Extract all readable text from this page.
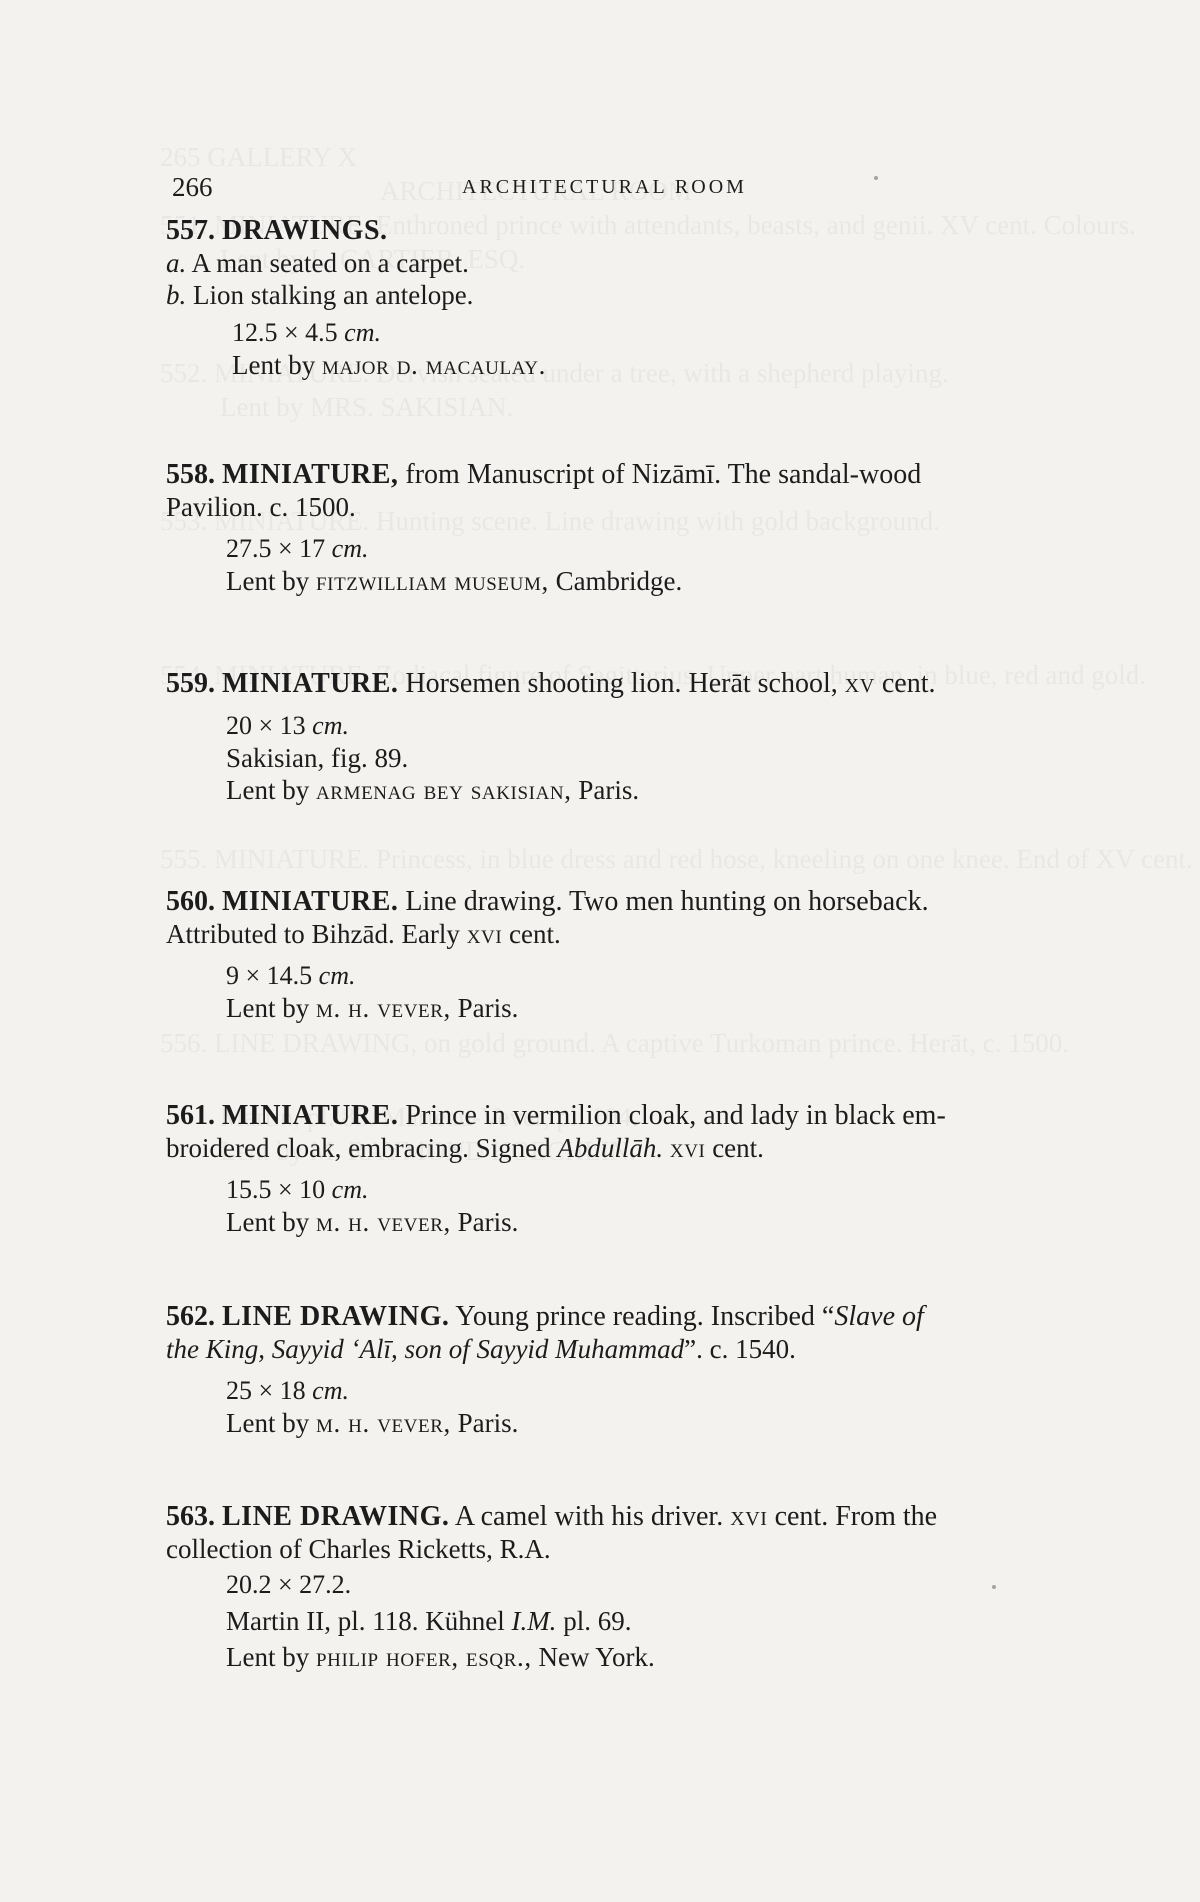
266	ARCHITECTURAL ROOM
557. DRAWINGS.
a. A man seated on a carpet.
b. Lion stalking an antelope.
12.5 × 4.5 cm.
Lent by major d. macaulay.
558. MINIATURE, from Manuscript of Nizāmī. The sandal-wood
Pavilion. c. 1500.
27.5 × 17 cm.
Lent by fitzwilliam museum, Cambridge.
559. MINIATURE. Horsemen shooting lion. Herāt school, xv cent.
20 × 13 cm.
Sakisian, fig. 89.
Lent by armenag bey sakisian, Paris.
560. MINIATURE. Line drawing. Two men hunting on horseback.
Attributed to Bihzād. Early xvi cent.
9 × 14.5 cm.
Lent by m. h. vever, Paris.
561. MINIATURE. Prince in vermilion cloak, and lady in black em-
broidered cloak, embracing. Signed Abdullāh. xvi cent.
15.5 × 10 cm.
Lent by m. h. vever, Paris.
562. LINE DRAWING. Young prince reading. Inscribed “Slave of
the King, Sayyid ‘Alī, son of Sayyid Muhammad”. c. 1540.
25 × 18 cm.
Lent by m. h. vever, Paris.
563. LINE DRAWING. A camel with his driver. xvi cent. From the
collection of Charles Ricketts, R.A.
20.2 × 27.2.
Martin II, pl. 118. Kühnel I.M. pl. 69.
Lent by philip hofer, esqr., New York.
